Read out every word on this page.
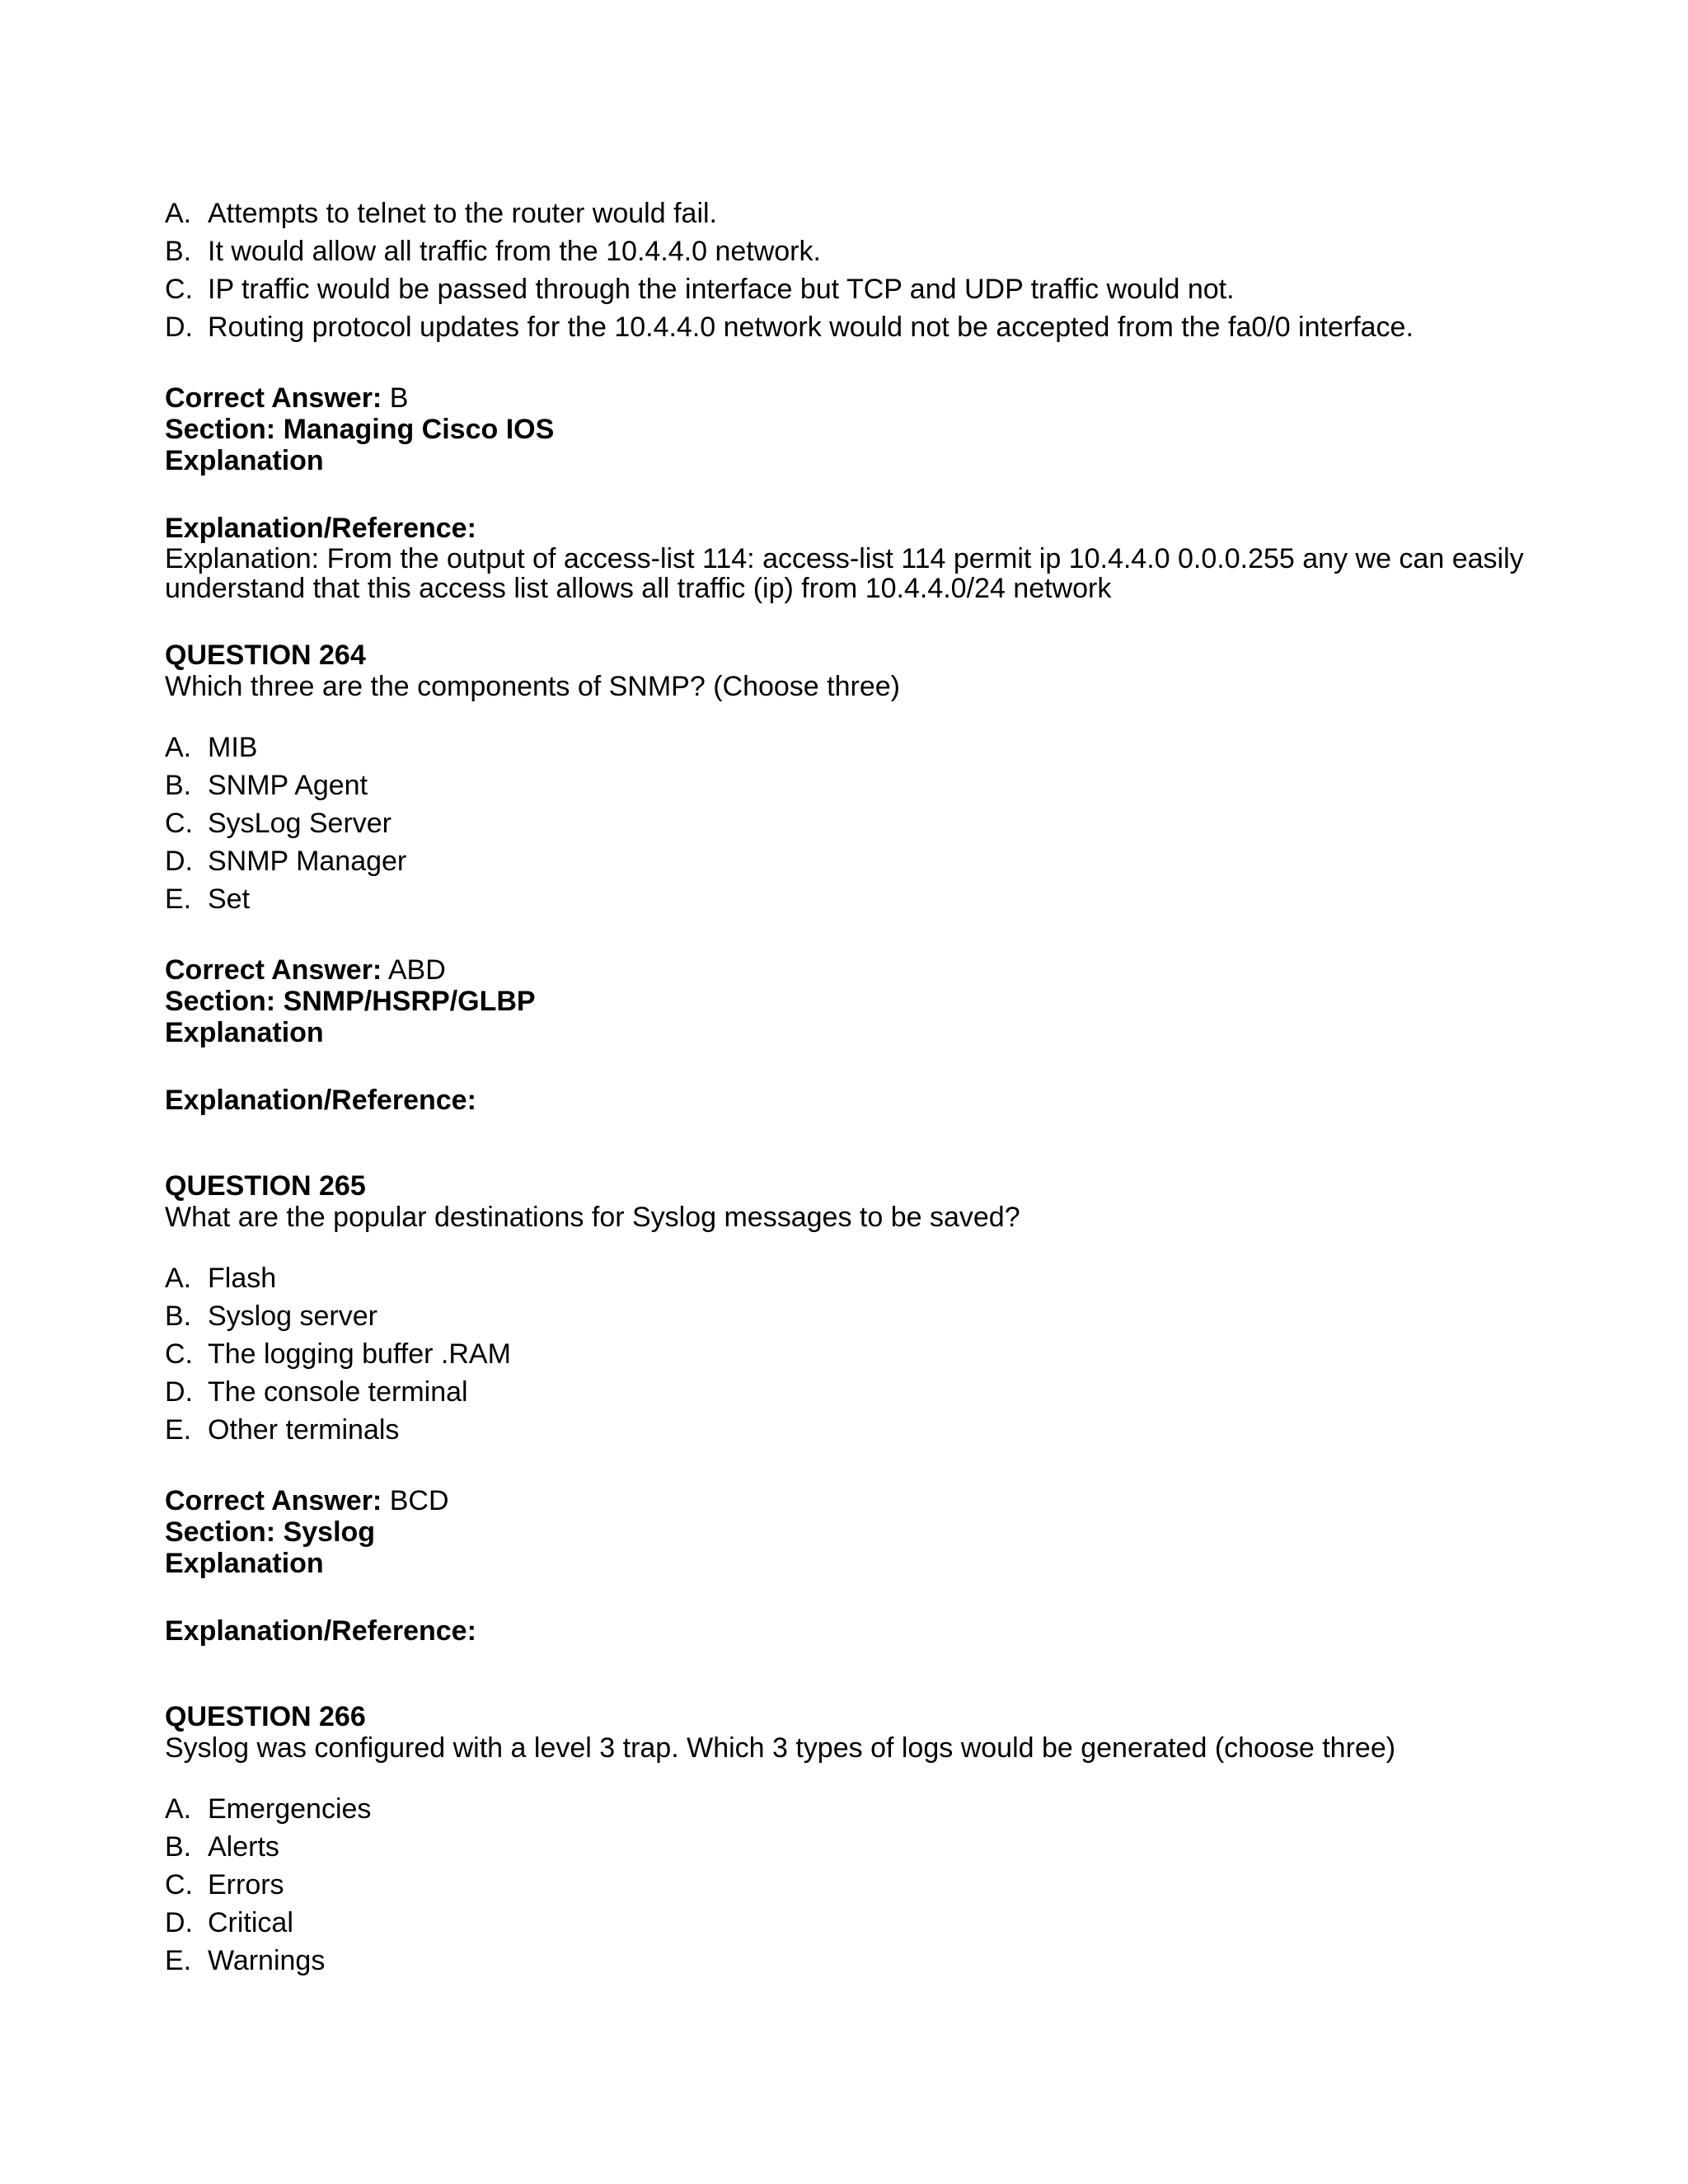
A. Attempts to telnet to the router would fail.
B. It would allow all traffic from the 10.4.4.0 network.
C. IP traffic would be passed through the interface but TCP and UDP traffic would not.
D. Routing protocol updates for the 10.4.4.0 network would not be accepted from the fa0/0 interface.
Correct Answer: B
Section: Managing Cisco IOS
Explanation
Explanation/Reference:
Explanation: From the output of access-list 114: access-list 114 permit ip 10.4.4.0 0.0.0.255 any we can easily understand that this access list allows all traffic (ip) from 10.4.4.0/24 network
QUESTION 264
Which three are the components of SNMP? (Choose three)
A. MIB
B. SNMP Agent
C. SysLog Server
D. SNMP Manager
E. Set
Correct Answer: ABD
Section: SNMP/HSRP/GLBP
Explanation
Explanation/Reference:
QUESTION 265
What are the popular destinations for Syslog messages to be saved?
A. Flash
B. Syslog server
C. The logging buffer .RAM
D. The console terminal
E. Other terminals
Correct Answer: BCD
Section: Syslog
Explanation
Explanation/Reference:
QUESTION 266
Syslog was configured with a level 3 trap. Which 3 types of logs would be generated (choose three)
A. Emergencies
B. Alerts
C. Errors
D. Critical
E. Warnings
